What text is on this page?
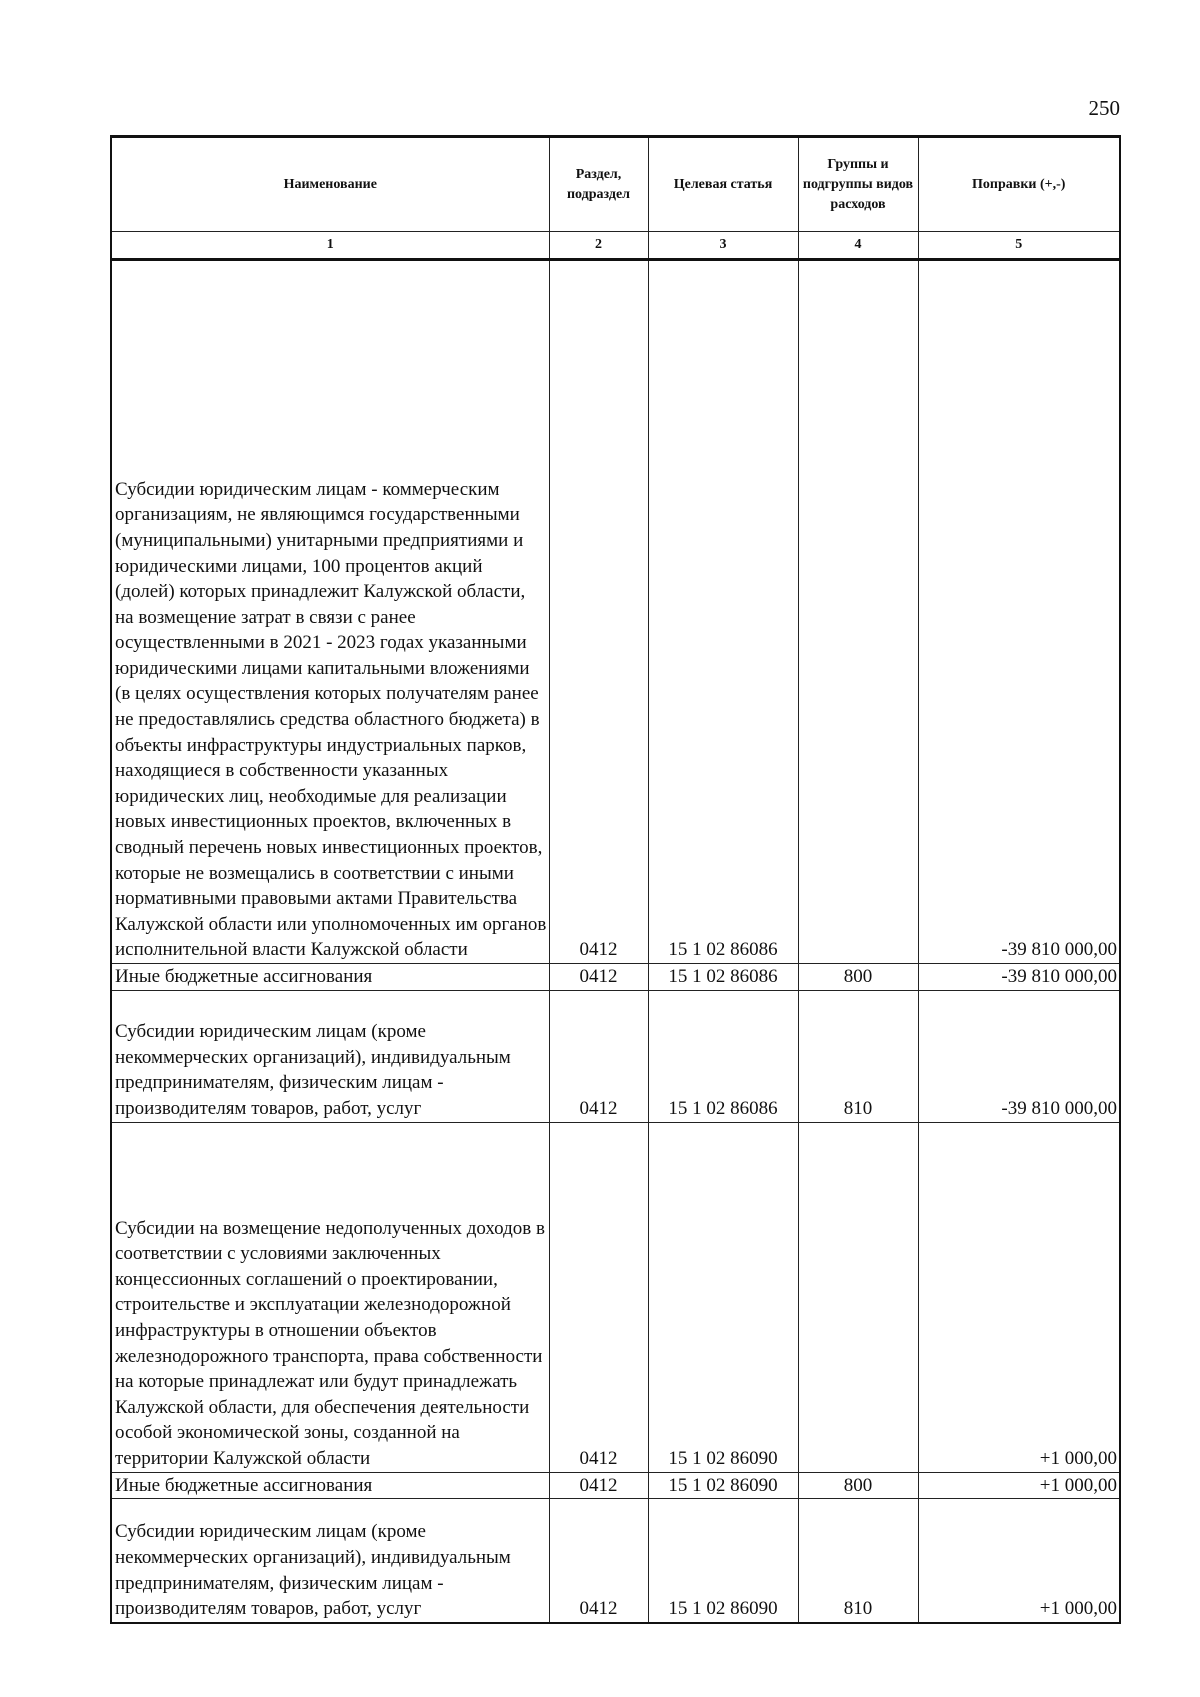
250
Наименование	Раздел, подраздел	Целевая статья	Группы и подгруппы видов расходов	Поправки (+,-)
1	2	3	4	5
Субсидии юридическим лицам - коммерческим организациям, не являющимся государственными (муниципальными) унитарными предприятиями и юридическими лицами, 100 процентов акций (долей) которых принадлежит Калужской области, на возмещение затрат в связи с ранее осуществленными в 2021 - 2023 годах указанными юридическими лицами капитальными вложениями (в целях осуществления которых получателям ранее не предоставлялись средства областного бюджета) в объекты инфраструктуры индустриальных парков, находящиеся в собственности указанных юридических лиц, необходимые для реализации новых инвестиционных проектов, включенных в сводный перечень новых инвестиционных проектов, которые не возмещались в соответствии с иными нормативными правовыми актами Правительства Калужской области или уполномоченных им органов исполнительной власти Калужской области	0412	15 1 02 86086		-39 810 000,00
Иные бюджетные ассигнования	0412	15 1 02 86086	800	-39 810 000,00
Субсидии юридическим лицам (кроме некоммерческих организаций), индивидуальным предпринимателям, физическим лицам - производителям товаров, работ, услуг	0412	15 1 02 86086	810	-39 810 000,00
Субсидии на возмещение недополученных доходов в соответствии с условиями заключенных концессионных соглашений о проектировании, строительстве и эксплуатации железнодорожной инфраструктуры в отношении объектов железнодорожного транспорта, права собственности на которые принадлежат или будут принадлежать Калужской области, для обеспечения деятельности особой экономической зоны, созданной на территории Калужской области	0412	15 1 02 86090		+1 000,00
Иные бюджетные ассигнования	0412	15 1 02 86090	800	+1 000,00
Субсидии юридическим лицам (кроме некоммерческих организаций), индивидуальным предпринимателям, физическим лицам - производителям товаров, работ, услуг	0412	15 1 02 86090	810	+1 000,00
